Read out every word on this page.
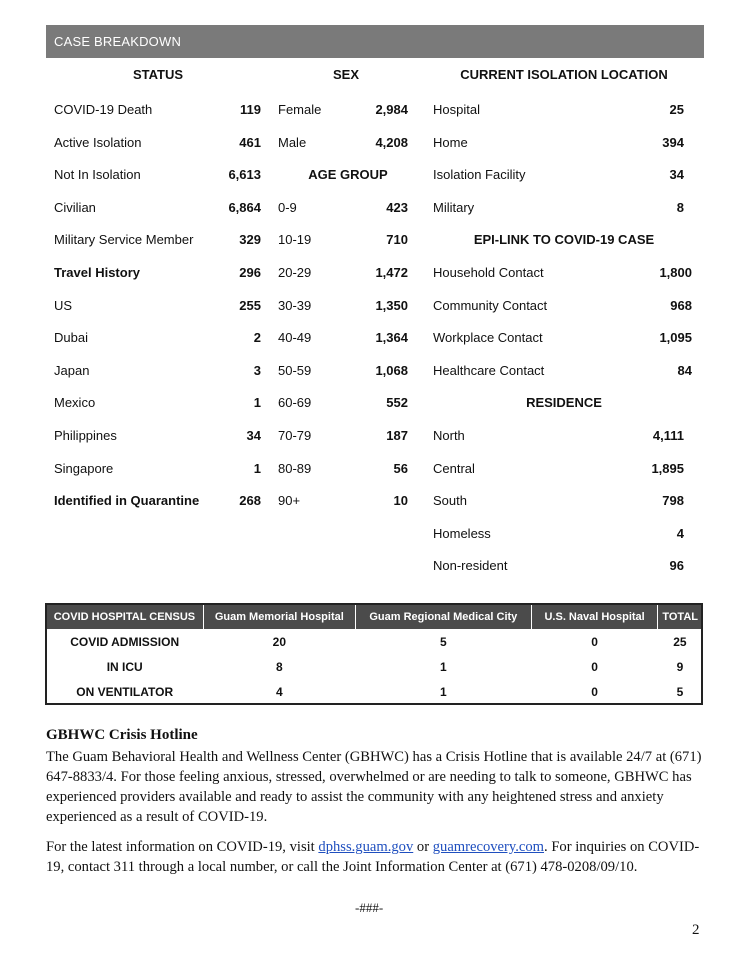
CASE BREAKDOWN
STATUS	SEX	CURRENT ISOLATION LOCATION
COVID-19 Death	119
Active Isolation	461
Not In Isolation	6,613
Civilian	6,864
Military Service Member	329
Travel History	296
US	255
Dubai	2
Japan	3
Mexico	1
Philippines	34
Singapore	1
Identified in Quarantine	268
Female	2,984
Male	4,208
AGE GROUP
0-9	423
10-19	710
20-29	1,472
30-39	1,350
40-49	1,364
50-59	1,068
60-69	552
70-79	187
80-89	56
90+	10
Hospital	25
Home	394
Isolation Facility	34
Military	8
EPI-LINK TO COVID-19 CASE
Household Contact	1,800
Community Contact	968
Workplace Contact	1,095
Healthcare Contact	84
RESIDENCE
North	4,111
Central	1,895
South	798
Homeless	4
Non-resident	96
COVID HOSPITAL CENSUS	Guam Memorial Hospital	Guam Regional Medical City	U.S. Naval Hospital	TOTAL
COVID ADMISSION	20	5	0	25
IN ICU	8	1	0	9
ON VENTILATOR	4	1	0	5
GBHWC Crisis Hotline
The Guam Behavioral Health and Wellness Center (GBHWC) has a Crisis Hotline that is available 24/7 at (671) 647-8833/4. For those feeling anxious, stressed, overwhelmed or are needing to talk to someone, GBHWC has experienced providers available and ready to assist the community with any heightened stress and anxiety experienced as a result of COVID-19.
For the latest information on COVID-19, visit dphss.guam.gov or guamrecovery.com. For inquiries on COVID-19, contact 311 through a local number, or call the Joint Information Center at (671) 478-0208/09/10.
-###-
2
